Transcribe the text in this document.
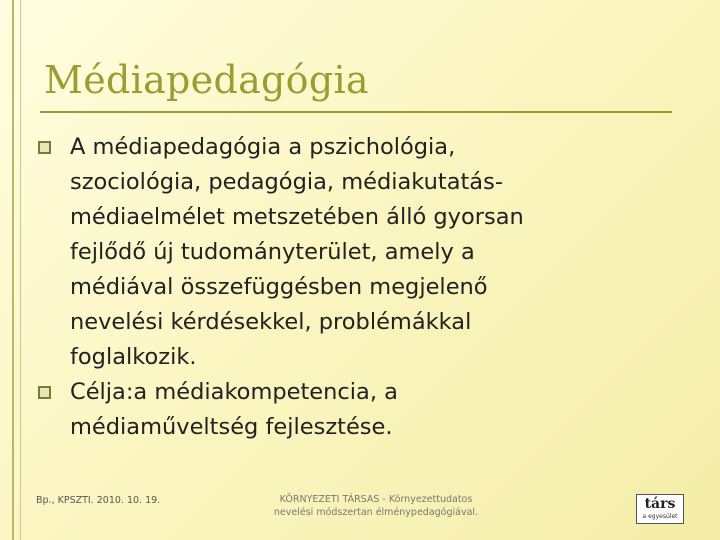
Médiapedagógia
A médiapedagógia a pszichológia,
szociológia, pedagógia, médiakutatás-
médiaelmélet metszetében álló gyorsan
fejlődő új tudományterület, amely a
médiával összefüggésben megjelenő
nevelési kérdésekkel, problémákkal
foglalkozik.
Célja:a médiakompetencia, a
médiaműveltség fejlesztése.
Bp., KPSZTI. 2010. 10. 19.	KÖRNYEZETI TÁRSAS - Környezettudatos
nevelési módszertan élménypedagógiával.
társ
a egyesület
